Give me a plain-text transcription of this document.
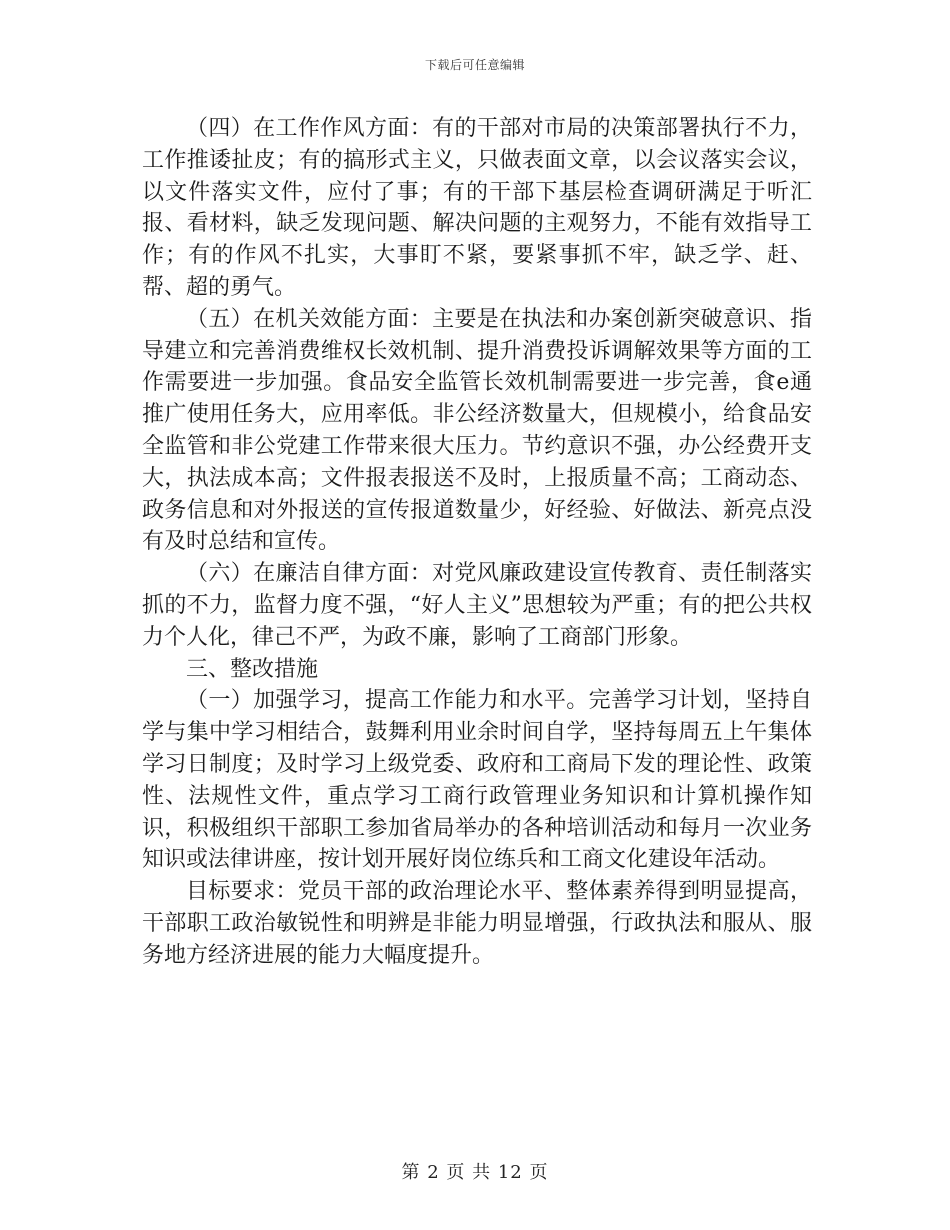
下载后可任意编辑

（四）在工作作风方面：有的干部对市局的决策部署执行不力，工作推诿扯皮；有的搞形式主义，只做表面文章，以会议落实会议，以文件落实文件，应付了事；有的干部下基层检查调研满足于听汇报、看材料，缺乏发现问题、解决问题的主观努力，不能有效指导工作；有的作风不扎实，大事盯不紧，要紧事抓不牢，缺乏学、赶、帮、超的勇气。

（五）在机关效能方面：主要是在执法和办案创新突破意识、指导建立和完善消费维权长效机制、提升消费投诉调解效果等方面的工作需要进一步加强。食品安全监管长效机制需要进一步完善，食e通推广使用任务大，应用率低。非公经济数量大，但规模小，给食品安全监管和非公党建工作带来很大压力。节约意识不强，办公经费开支大，执法成本高；文件报表报送不及时，上报质量不高；工商动态、政务信息和对外报送的宣传报道数量少，好经验、好做法、新亮点没有及时总结和宣传。

（六）在廉洁自律方面：对党风廉政建设宣传教育、责任制落实抓的不力，监督力度不强，“好人主义”思想较为严重；有的把公共权力个人化，律己不严，为政不廉，影响了工商部门形象。

三、整改措施

（一）加强学习，提高工作能力和水平。完善学习计划，坚持自学与集中学习相结合，鼓舞利用业余时间自学，坚持每周五上午集体学习日制度；及时学习上级党委、政府和工商局下发的理论性、政策性、法规性文件，重点学习工商行政管理业务知识和计算机操作知识，积极组织干部职工参加省局举办的各种培训活动和每月一次业务知识或法律讲座，按计划开展好岗位练兵和工商文化建设年活动。

目标要求：党员干部的政治理论水平、整体素养得到明显提高，干部职工政治敏锐性和明辨是非能力明显增强，行政执法和服从、服务地方经济进展的能力大幅度提升。

第 2 页 共 12 页
